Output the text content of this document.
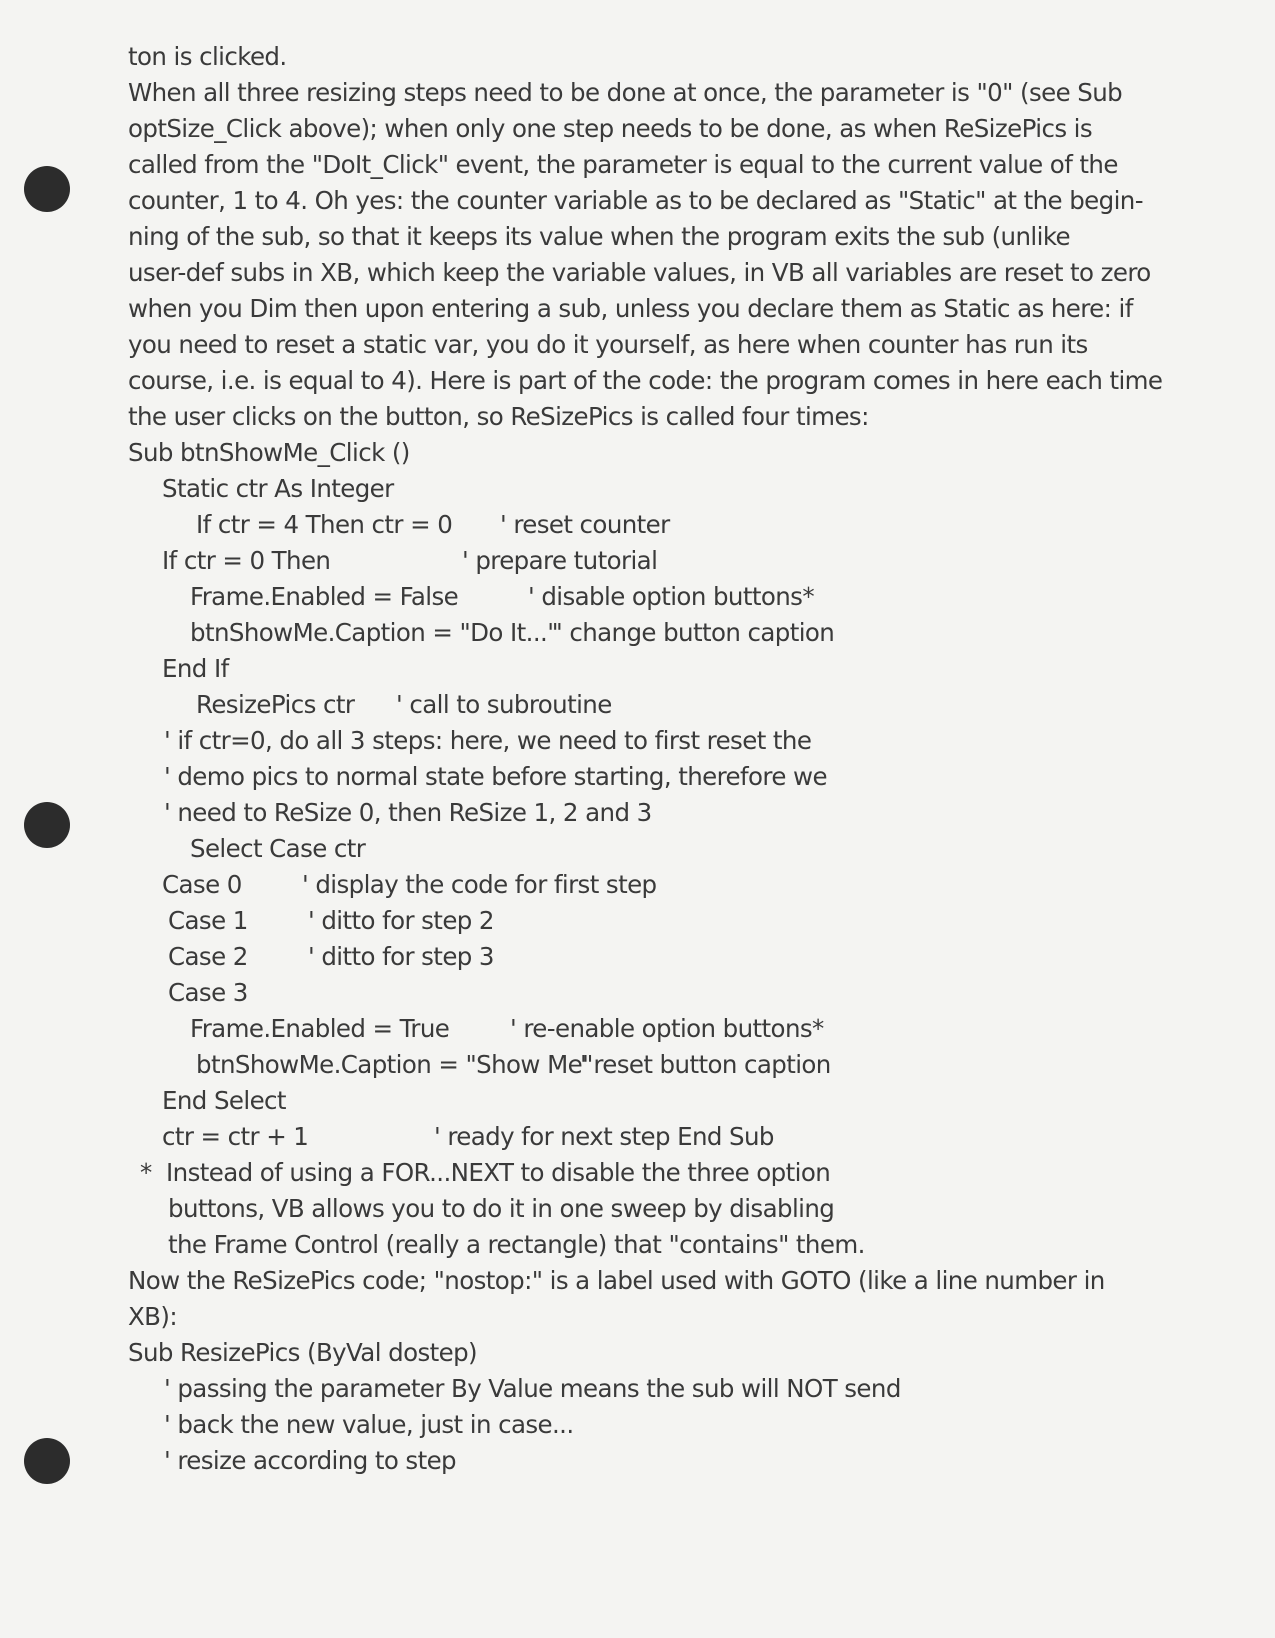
ton is clicked.
When all three resizing steps need to be done at once, the parameter is "0" (see Sub
optSize_Click above); when only one step needs to be done, as when ReSizePics is
called from the "DoIt_Click" event, the parameter is equal to the current value of the
counter, 1 to 4. Oh yes: the counter variable as to be declared as "Static" at the begin-
ning of the sub, so that it keeps its value when the program exits the sub (unlike
user-def subs in XB, which keep the variable values, in VB all variables are reset to zero
when you Dim then upon entering a sub, unless you declare them as Static as here: if
you need to reset a static var, you do it yourself, as here when counter has run its
course, i.e. is equal to 4). Here is part of the code: the program comes in here each time
the user clicks on the button, so ReSizePics is called four times:
Sub btnShowMe_Click ()
Static ctr As Integer
If ctr = 4 Then ctr = 0 ' reset counter
If ctr = 0 Then	' prepare tutorial
Frame.Enabled = False	' disable option buttons*
btnShowMe.Caption = "Do It..."
' change button caption
End If
ResizePics ctr ' call to subroutine
' if ctr=0, do all 3 steps: here, we need to first reset the
' demo pics to normal state before starting, therefore we
' need to ReSize 0, then ReSize 1, 2 and 3
Select Case ctr
Case 0 ' display the code for first step
Case 1 ' ditto for step 2
Case 2 ' ditto for step 3
Case 3
Frame.Enabled = True ' re-enable option buttons*
btnShowMe.Caption = "Show Me"
' reset button caption
End Select
ctr = ctr + 1	' ready for next step End Sub
*  Instead of using a FOR...NEXT to disable the three option
buttons, VB allows you to do it in one sweep by disabling
the Frame Control (really a rectangle) that "contains" them.
Now the ReSizePics code; "nostop:" is a label used with GOTO (like a line number in
XB):
Sub ResizePics (ByVal dostep)
' passing the parameter By Value means the sub will NOT send
' back the new value, just in case...
' resize according to step
